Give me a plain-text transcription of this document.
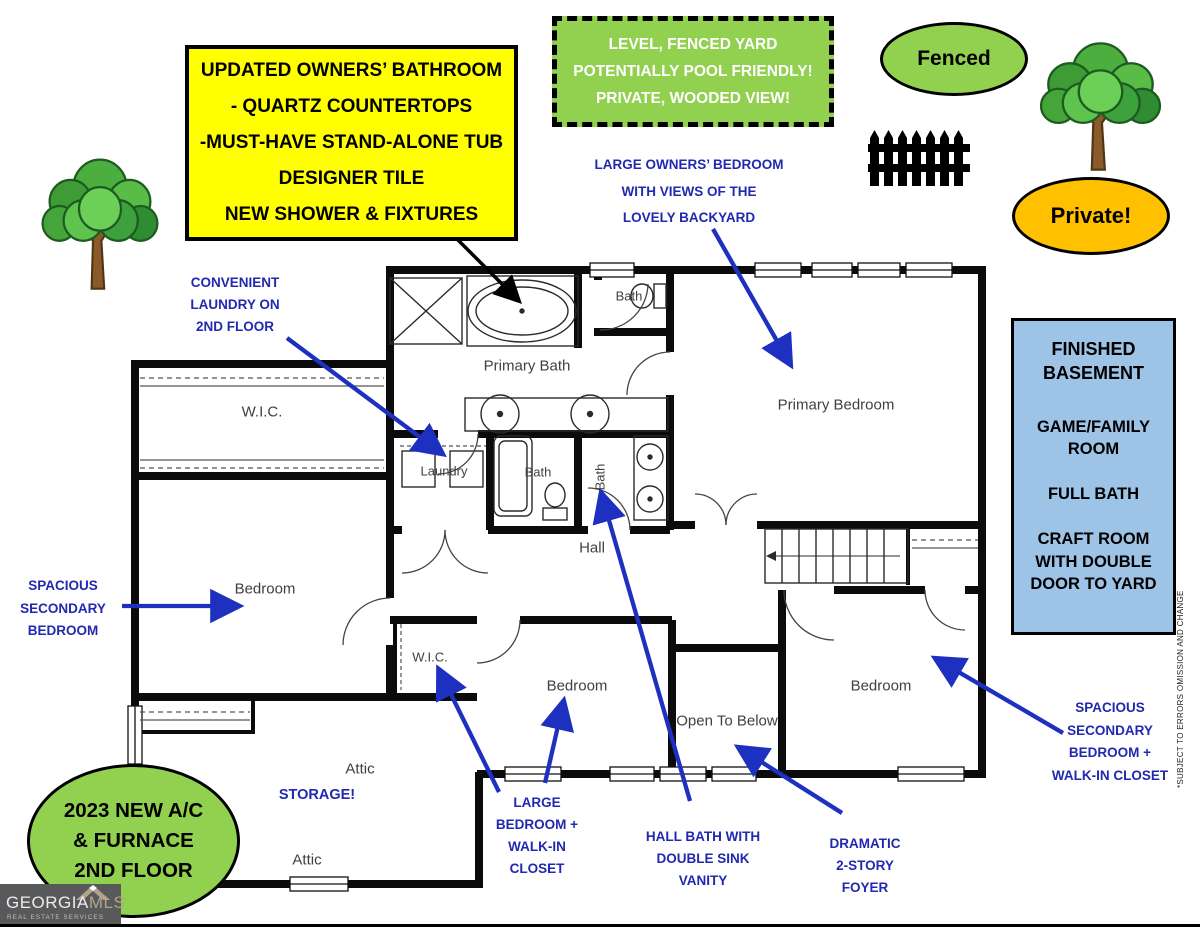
UPDATED OWNERS’ BATHROOM
- QUARTZ COUNTERTOPS
-MUST-HAVE STAND-ALONE TUB
DESIGNER TILE
NEW SHOWER & FIXTURES
LEVEL, FENCED YARD
POTENTIALLY POOL FRIENDLY!
PRIVATE, WOODED VIEW!
Fenced
Private!
FINISHED BASEMENT
GAME/FAMILY ROOM
FULL BATH
CRAFT ROOM WITH DOUBLE DOOR TO YARD
2023 NEW A/C
& FURNACE
2ND FLOOR
LARGE OWNERS’ BEDROOM
WITH VIEWS OF THE
LOVELY BACKYARD
CONVENIENT
LAUNDRY ON
2ND FLOOR
SPACIOUS
SECONDARY
BEDROOM
STORAGE!	LARGE
BEDROOM +
WALK-IN
CLOSET
HALL BATH WITH
DOUBLE SINK
VANITY
DRAMATIC
2-STORY
FOYER
SPACIOUS
SECONDARY
BEDROOM +
WALK-IN CLOSET
W.I.C.
Primary Bath
Bath
Primary Bedroom
Laundry	Bath	Bath
Hall
Bedroom
W.I.C.
Bedroom
Open To Below
Bedroom
Attic
Attic
*SUBJECT TO ERRORS OMISSION AND CHANGE
GEORGIAMLS
REAL ESTATE SERVICES
